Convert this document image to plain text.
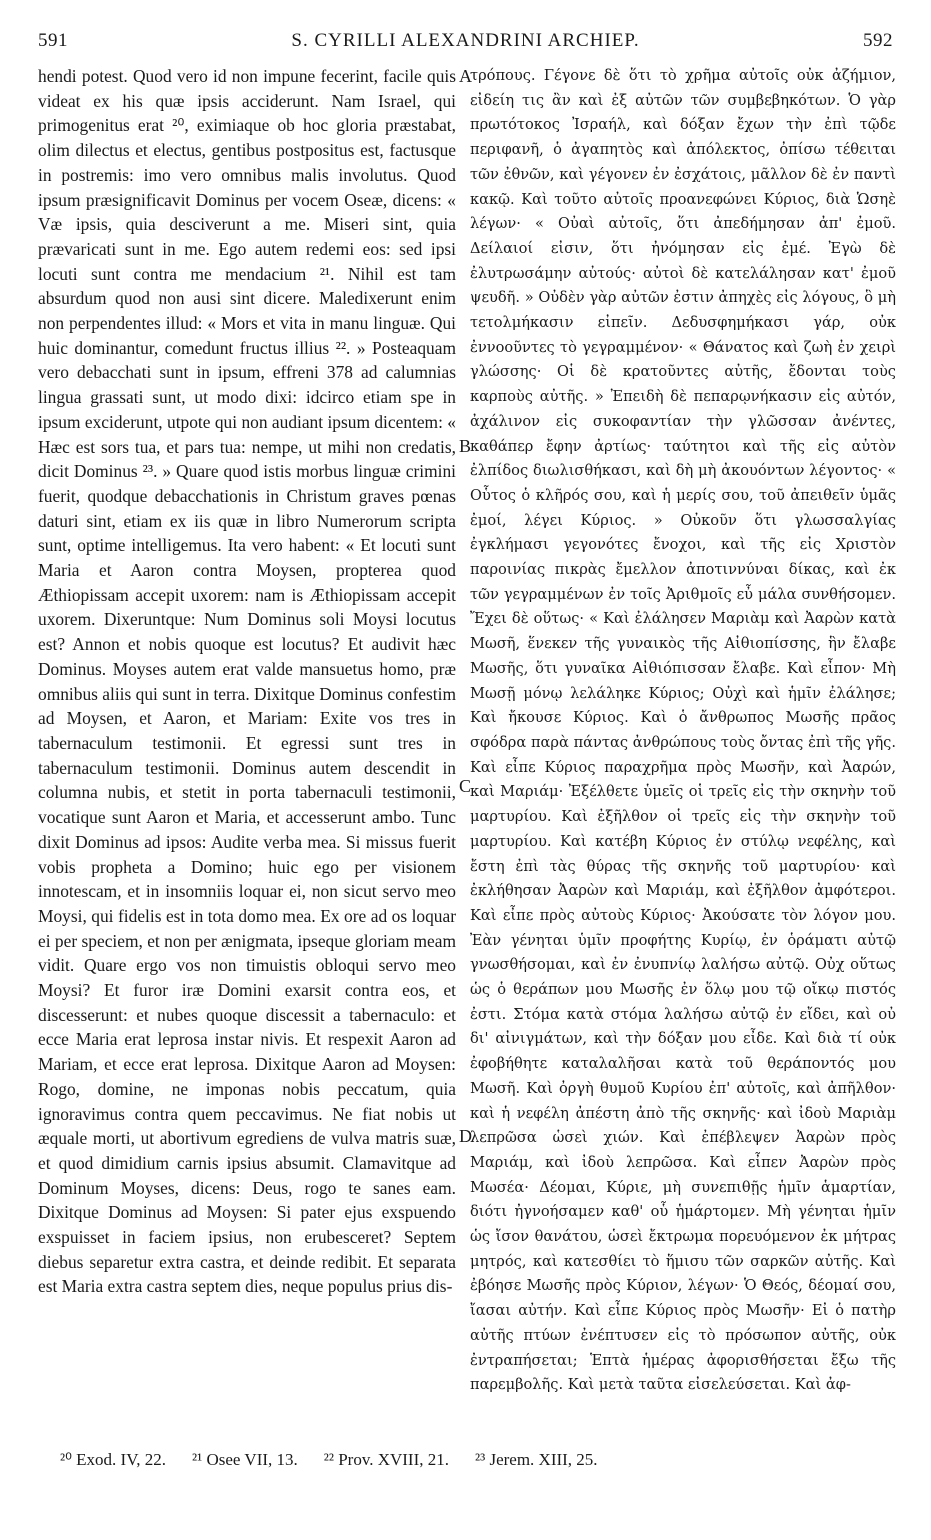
591	S. CYRILLI ALEXANDRINI ARCHIEP.	592

hendi potest. Quod vero id non impune fecerint, facile quis videat ex his quæ ipsis acciderunt. Nam Israel, qui primogenitus erat ²⁰, eximiaque ob hoc gloria præstabat, olim dilectus et electus, gentibus postpositus est, factusque in postremis: imo vero omnibus malis involutus. Quod ipsum præsignificavit Dominus per vocem Oseæ, dicens: « Væ ipsis, quia desciverunt a me. Miseri sint, quia prævaricati sunt in me. Ego autem redemi eos: sed ipsi locuti sunt contra me mendacium ²¹. Nihil est tam absurdum quod non ausi sint dicere. Maledixerunt enim non perpendentes illud: « Mors et vita in manu linguæ. Qui huic dominantur, comedunt fructus illius ²². » Posteaquam vero debacchati sunt in ipsum, effreni 378 ad calumnias lingua grassati sunt, ut modo dixi: idcirco etiam spe in ipsum exciderunt, utpote qui non audiant ipsum dicentem: « Hæc est sors tua, et pars tua: nempe, ut mihi non credatis, dicit Dominus ²³. » Quare quod istis morbus linguæ crimini fuerit, quodque debacchationis in Christum graves pœnas daturi sint, etiam ex iis quæ in libro Numerorum scripta sunt, optime intelligemus. Ita vero habent: « Et locuti sunt Maria et Aaron contra Moysen, propterea quod Æthiopissam accepit uxorem: nam is Æthiopissam accepit uxorem. Dixeruntque: Num Dominus soli Moysi locutus est? Annon et nobis quoque est locutus? Et audivit hæc Dominus. Moyses autem erat valde mansuetus homo, præ omnibus aliis qui sunt in terra. Dixitque Dominus confestim ad Moysen, et Aaron, et Mariam: Exite vos tres in tabernaculum testimonii. Et egressi sunt tres in tabernaculum testimonii. Dominus autem descendit in columna nubis, et stetit in porta tabernaculi testimonii, vocatique sunt Aaron et Maria, et accesserunt ambo. Tunc dixit Dominus ad ipsos: Audite verba mea. Si missus fuerit vobis propheta a Domino; huic ego per visionem innotescam, et in insomniis loquar ei, non sicut servo meo Moysi, qui fidelis est in tota domo mea. Ex ore ad os loquar ei per speciem, et non per ænigmata, ipseque gloriam meam vidit. Quare ergo vos non timuistis obloqui servo meo Moysi? Et furor iræ Domini exarsit contra eos, et discesserunt: et nubes quoque discessit a tabernaculo: et ecce Maria erat leprosa instar nivis. Et respexit Aaron ad Mariam, et ecce erat leprosa. Dixitque Aaron ad Moysen: Rogo, domine, ne imponas nobis peccatum, quia ignoravimus contra quem peccavimus. Ne fiat nobis ut æquale morti, ut abortivum egrediens de vulva matris suæ, et quod dimidium carnis ipsius absumit. Clamavitque ad Dominum Moyses, dicens: Deus, rogo te sanes eam. Dixitque Dominus ad Moysen: Si pater ejus exspuendo exspuisset in faciem ipsius, non erubesceret? Septem diebus separetur extra castra, et deinde redibit. Et separata est Maria extra castra septem dies, neque populus prius dis-

A
B
C
D

τρόπους. Γέγονε δὲ ὅτι τὸ χρῆμα αὐτοῖς οὐκ ἀζήμιον, εἰδείη τις ἂν καὶ ἐξ αὐτῶν τῶν συμβεβηκότων. Ὁ γὰρ πρωτότοκος Ἰσραήλ, καὶ δόξαν ἔχων τὴν ἐπὶ τῷδε περιφανῆ, ὁ ἀγαπητὸς καὶ ἀπόλεκτος, ὀπίσω τέθειται τῶν ἐθνῶν, καὶ γέγονεν ἐν ἐσχάτοις, μᾶλλον δὲ ἐν παντὶ κακῷ. Καὶ τοῦτο αὐτοῖς προανεφώνει Κύριος, διὰ Ὡσηὲ λέγων· « Οὐαὶ αὐτοῖς, ὅτι ἀπεδήμησαν ἀπ' ἐμοῦ. Δείλαιοί εἰσιν, ὅτι ἠνόμησαν εἰς ἐμέ. Ἐγὼ δὲ ἐλυτρωσάμην αὐτούς· αὐτοὶ δὲ κατελάλησαν κατ' ἐμοῦ ψευδῆ. » Οὐδὲν γὰρ αὐτῶν ἐστιν ἀπηχὲς εἰς λόγους, ὃ μὴ τετολμήκασιν εἰπεῖν. Δεδυσφημήκασι γάρ, οὐκ ἐννοοῦντες τὸ γεγραμμένον· « Θάνατος καὶ ζωὴ ἐν χειρὶ γλώσσης· Οἱ δὲ κρατοῦντες αὐτῆς, ἔδονται τοὺς καρποὺς αὐτῆς. » Ἐπειδὴ δὲ πεπαρῳνήκασιν εἰς αὐτόν, ἀχάλινον εἰς συκοφαντίαν τὴν γλῶσσαν ἀνέντες, καθάπερ ἔφην ἀρτίως· ταύτητοι καὶ τῆς εἰς αὐτὸν ἐλπίδος διωλισθήκασι, καὶ δὴ μὴ ἀκουόντων λέγοντος· « Οὗτος ὁ κλῆρός σου, καὶ ἡ μερίς σου, τοῦ ἀπειθεῖν ὑμᾶς ἐμοί, λέγει Κύριος. » Οὐκοῦν ὅτι γλωσσαλγίας ἐγκλήμασι γεγονότες ἔνοχοι, καὶ τῆς εἰς Χριστὸν παροινίας πικρὰς ἔμελλον ἀποτιννύναι δίκας, καὶ ἐκ τῶν γεγραμμένων ἐν τοῖς Ἀριθμοῖς εὖ μάλα συνθήσομεν. Ἔχει δὲ οὕτως· « Καὶ ἐλάλησεν Μαριὰμ καὶ Ἀαρὼν κατὰ Μωσῆ, ἕνεκεν τῆς γυναικὸς τῆς Αἰθιοπίσσης, ἣν ἔλαβε Μωσῆς, ὅτι γυναῖκα Αἰθιόπισσαν ἔλαβε. Καὶ εἶπον· Μὴ Μωσῇ μόνῳ λελάληκε Κύριος; Οὐχὶ καὶ ἡμῖν ἐλάλησε; Καὶ ἤκουσε Κύριος. Καὶ ὁ ἄνθρωπος Μωσῆς πρᾶος σφόδρα παρὰ πάντας ἀνθρώπους τοὺς ὄντας ἐπὶ τῆς γῆς. Καὶ εἶπε Κύριος παραχρῆμα πρὸς Μωσῆν, καὶ Ἀαρών, καὶ Μαριάμ· Ἐξέλθετε ὑμεῖς οἱ τρεῖς εἰς τὴν σκηνὴν τοῦ μαρτυρίου. Καὶ ἐξῆλθον οἱ τρεῖς εἰς τὴν σκηνὴν τοῦ μαρτυρίου. Καὶ κατέβη Κύριος ἐν στύλῳ νεφέλης, καὶ ἔστη ἐπὶ τὰς θύρας τῆς σκηνῆς τοῦ μαρτυρίου· καὶ ἐκλήθησαν Ἀαρὼν καὶ Μαριάμ, καὶ ἐξῆλθον ἀμφότεροι. Καὶ εἶπε πρὸς αὐτοὺς Κύριος· Ἀκούσατε τὸν λόγον μου. Ἐὰν γένηται ὑμῖν προφήτης Κυρίῳ, ἐν ὁράματι αὐτῷ γνωσθήσομαι, καὶ ἐν ἐνυπνίῳ λαλήσω αὐτῷ. Οὐχ οὕτως ὡς ὁ θεράπων μου Μωσῆς ἐν ὅλῳ μου τῷ οἴκῳ πιστός ἐστι. Στόμα κατὰ στόμα λαλήσω αὐτῷ ἐν εἴδει, καὶ οὐ δι' αἰνιγμάτων, καὶ τὴν δόξαν μου εἶδε. Καὶ διὰ τί οὐκ ἐφοβήθητε καταλαλῆσαι κατὰ τοῦ θεράποντός μου Μωσῆ. Καὶ ὀργὴ θυμοῦ Κυρίου ἐπ' αὐτοῖς, καὶ ἀπῆλθον· καὶ ἡ νεφέλη ἀπέστη ἀπὸ τῆς σκηνῆς· καὶ ἰδοὺ Μαριὰμ λεπρῶσα ὡσεὶ χιών. Καὶ ἐπέβλεψεν Ἀαρὼν πρὸς Μαριάμ, καὶ ἰδοὺ λεπρῶσα. Καὶ εἶπεν Ἀαρὼν πρὸς Μωσέα· Δέομαι, Κύριε, μὴ συνεπιθῇς ἡμῖν ἁμαρτίαν, διότι ἠγνοήσαμεν καθ' οὗ ἡμάρτομεν. Μὴ γένηται ἡμῖν ὡς ἴσον θανάτου, ὡσεὶ ἔκτρωμα πορευόμενον ἐκ μήτρας μητρός, καὶ κατεσθίει τὸ ἥμισυ τῶν σαρκῶν αὐτῆς. Καὶ ἐβόησε Μωσῆς πρὸς Κύριον, λέγων· Ὁ Θεός, δέομαί σου, ἴασαι αὐτήν. Καὶ εἶπε Κύριος πρὸς Μωσῆν· Εἰ ὁ πατὴρ αὐτῆς πτύων ἐνέπτυσεν εἰς τὸ πρόσωπον αὐτῆς, οὐκ ἐντραπήσεται; Ἑπτὰ ἡμέρας ἀφορισθήσεται ἔξω τῆς παρεμβολῆς. Καὶ μετὰ ταῦτα εἰσελεύσεται. Καὶ ἀφ-

²⁰ Exod. IV, 22. ²¹ Osee VII, 13. ²² Prov. XVIII, 21. ²³ Jerem. XIII, 25.
